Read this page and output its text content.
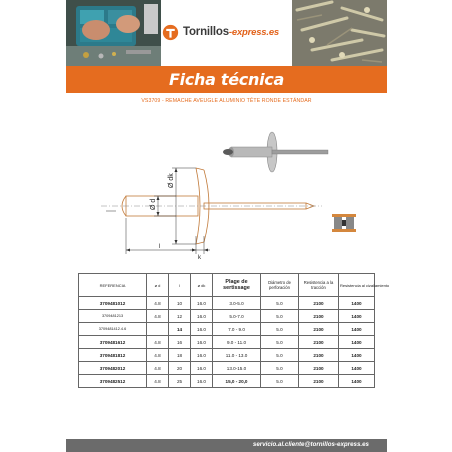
Tornillos-express.es
Ficha técnica
VS3709 - REMACHE AVEUGLE ALUMINIO TÊTE RONDE ESTÁNDAR
Ø dk
Ø d
k
l
REFERENCIA	ø d	l	ø dk	Plage de sertissage	Diámetro de perforación	Resistencia a la tracción	Resistencia al cizallamiento
3709481012	4.8	10	16.0	3.0-5.0	5.0	2100	1400
3709481213	4.8	12	16.0	5.0-7.0	5.0	2100	1400
3709481412.4.6		14	16.0	7.0 - 9.0	5.0	2100	1400
3709481612	4.8	16	16.0	9.0 - 11.0	5.0	2100	1400
3709481812	4.8	18	16.0	11.0 - 13.0	5.0	2100	1400
3709482012	4.8	20	16.0	13.0-15.0	5.0	2100	1400
3709482512	4.8	25	16.0	15,0 - 20,0	5.0	2100	1400
servicio.al.cliente@tornillos-express.es
